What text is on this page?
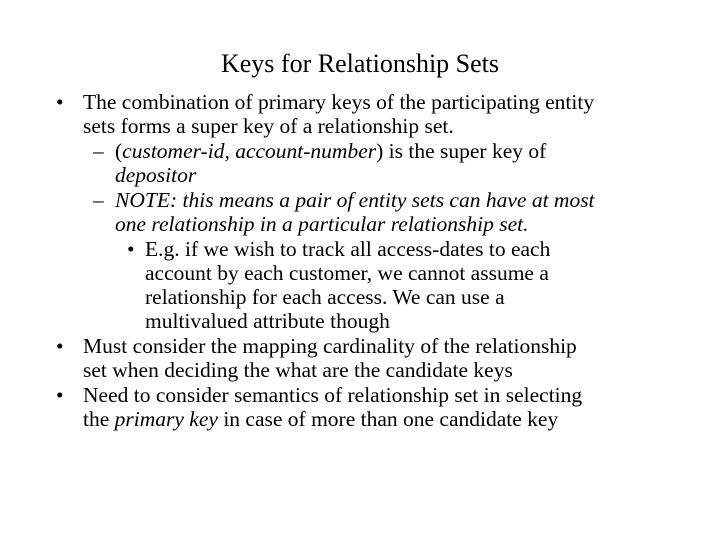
Keys for Relationship Sets
• The combination of primary keys of the participating entity
sets forms a super key of a relationship set.
– (customer-id, account-number) is the super key of
depositor
– NOTE: this means a pair of entity sets can have at most
one relationship in a particular relationship set.
• E.g. if we wish to track all access-dates to each
account by each customer, we cannot assume a
relationship for each access. We can use a
multivalued attribute though
• Must consider the mapping cardinality of the relationship
set when deciding the what are the candidate keys
• Need to consider semantics of relationship set in selecting
the primary key in case of more than one candidate key
